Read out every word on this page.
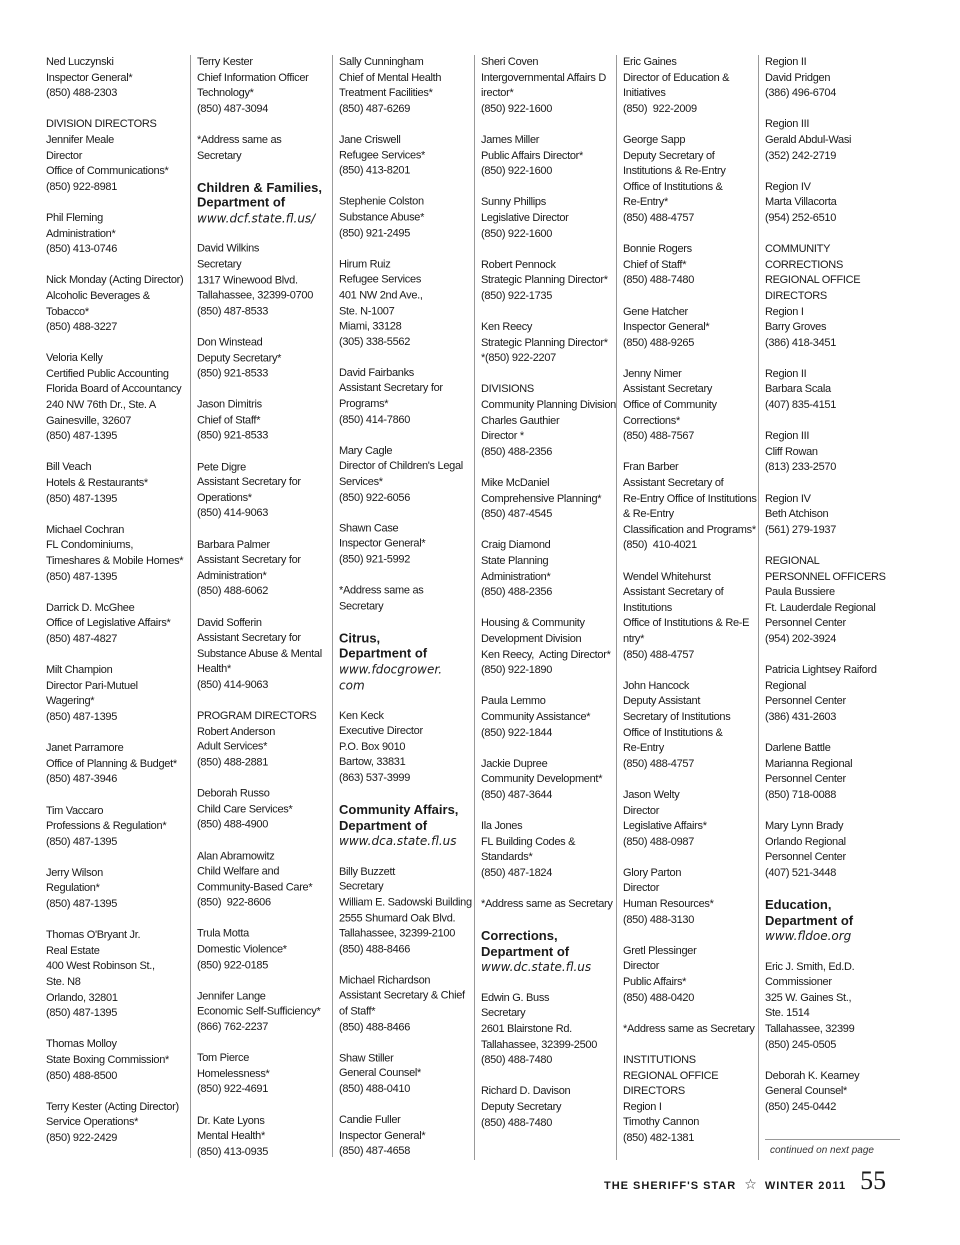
Ned Luczynski
Inspector General*
(850) 488-2303
DIVISION DIRECTORS
Jennifer Meale
Director
Office of Communications*
(850) 922-8981
Phil Fleming
Administration*
(850) 413-0746
Nick Monday (Acting Director)
Alcoholic Beverages &
Tobacco*
(850) 488-3227
Veloria Kelly
Certified Public Accounting
Florida Board of Accountancy
240 NW 76th Dr., Ste. A
Gainesville, 32607
(850) 487-1395
Bill Veach
Hotels & Restaurants*
(850) 487-1395
Michael Cochran
FL Condominiums,
Timeshares & Mobile Homes*
(850) 487-1395
Darrick D. McGhee
Office of Legislative Affairs*
(850) 487-4827
Milt Champion
Director Pari-Mutuel
Wagering*
(850) 487-1395
Janet Parramore
Office of Planning & Budget*
(850) 487-3946
Tim Vaccaro
Professions & Regulation*
(850) 487-1395
Jerry Wilson
Regulation*
(850) 487-1395
Thomas O'Bryant Jr.
Real Estate
400 West Robinson St.,
Ste. N8
Orlando, 32801
(850) 487-1395
Thomas Molloy
State Boxing Commission*
(850) 488-8500
Terry Kester (Acting Director)
Service Operations*
(850) 922-2429
Terry Kester
Chief Information Officer
Technology*
(850) 487-3094
*Address same as
Secretary
Children & Families,
Department of
www.dcf.state.fl.us/
David Wilkins
Secretary
1317 Winewood Blvd.
Tallahassee, 32399-0700
(850) 487-8533
Don Winstead
Deputy Secretary*
(850) 921-8533
Jason Dimitris
Chief of Staff*
(850) 921-8533
Pete Digre
Assistant Secretary for
Operations*
(850) 414-9063
Barbara Palmer
Assistant Secretary for
Administration*
(850) 488-6062
David Sofferin
Assistant Secretary for
Substance Abuse & Mental
Health*
(850) 414-9063
PROGRAM DIRECTORS
Robert Anderson
Adult Services*
(850) 488-2881
Deborah Russo
Child Care Services*
(850) 488-4900
Alan Abramowitz
Child Welfare and
Community-Based Care*
(850)  922-8606
Trula Motta
Domestic Violence*
(850) 922-0185
Jennifer Lange
Economic Self-Sufficiency*
(866) 762-2237
Tom Pierce
Homelessness*
(850) 922-4691
Dr. Kate Lyons
Mental Health*
(850) 413-0935
Sally Cunningham
Chief of Mental Health
Treatment Facilities*
(850) 487-6269
Jane Criswell
Refugee Services*
(850) 413-8201
Stephenie Colston
Substance Abuse*
(850) 921-2495
Hirum Ruiz
Refugee Services
401 NW 2nd Ave.,
Ste. N-1007
Miami, 33128
(305) 338-5562
David Fairbanks
Assistant Secretary for
Programs*
(850) 414-7860
Mary Cagle
Director of Children's Legal
Services*
(850) 922-6056
Shawn Case
Inspector General*
(850) 921-5992
*Address same as
Secretary
Citrus,
Department of
www.fdocgrower.
com
Ken Keck
Executive Director
P.O. Box 9010
Bartow, 33831
(863) 537-3999
Community Affairs,
Department of
www.dca.state.fl.us
Billy Buzzett
Secretary
William E. Sadowski Building
2555 Shumard Oak Blvd.
Tallahassee, 32399-2100
(850) 488-8466
Michael Richardson
Assistant Secretary & Chief
of Staff*
(850) 488-8466
Shaw Stiller
General Counsel*
(850) 488-0410
Candie Fuller
Inspector General*
(850) 487-4658
Sheri Coven
Intergovernmental Affairs D
irector*
(850) 922-1600
James Miller
Public Affairs Director*
(850) 922-1600
Sunny Phillips
Legislative Director
(850) 922-1600
Robert Pennock
Strategic Planning Director*
(850) 922-1735
Ken Reecy
Strategic Planning Director*
*(850) 922-2207
DIVISIONS
Community Planning Division
Charles Gauthier
Director *
(850) 488-2356
Mike McDaniel
Comprehensive Planning*
(850) 487-4545
Craig Diamond
State Planning
Administration*
(850) 488-2356
Housing & Community
Development Division
Ken Reecy,  Acting Director*
(850) 922-1890
Paula Lemmo
Community Assistance*
(850) 922-1844
Jackie Dupree
Community Development*
(850) 487-3644
Ila Jones
FL Building Codes &
Standards*
(850) 487-1824
*Address same as Secretary
Corrections,
Department of
www.dc.state.fl.us
Edwin G. Buss
Secretary
2601 Blairstone Rd.
Tallahassee, 32399-2500
(850) 488-7480
Richard D. Davison
Deputy Secretary
(850) 488-7480
Eric Gaines
Director of Education &
Initiatives
(850)  922-2009
George Sapp
Deputy Secretary of
Institutions & Re-Entry
Office of Institutions &
Re-Entry*
(850) 488-4757
Bonnie Rogers
Chief of Staff*
(850) 488-7480
Gene Hatcher
Inspector General*
(850) 488-9265
Jenny Nimer
Assistant Secretary
Office of Community
Corrections*
(850) 488-7567
Fran Barber
Assistant Secretary of
Re-Entry Office of Institutions
& Re-Entry
Classification and Programs*
(850)  410-4021
Wendel Whitehurst
Assistant Secretary of
Institutions
Office of Institutions & Re-E
ntry*
(850) 488-4757
John Hancock
Deputy Assistant
Secretary of Institutions
Office of Institutions &
Re-Entry
(850) 488-4757
Jason Welty
Director
Legislative Affairs*
(850) 488-0987
Glory Parton
Director
Human Resources*
(850) 488-3130
Gretl Plessinger
Director
Public Affairs*
(850) 488-0420
*Address same as Secretary
INSTITUTIONS
REGIONAL OFFICE
DIRECTORS
Region I
Timothy Cannon
(850) 482-1381
Region II
David Pridgen
(386) 496-6704
Region III
Gerald Abdul-Wasi
(352) 242-2719
Region IV
Marta Villacorta
(954) 252-6510
COMMUNITY
CORRECTIONS
REGIONAL OFFICE
DIRECTORS
Region I
Barry Groves
(386) 418-3451
Region II
Barbara Scala
(407) 835-4151
Region III
Cliff Rowan
(813) 233-2570
Region IV
Beth Atchison
(561) 279-1937
REGIONAL
PERSONNEL OFFICERS
Paula Bussiere
Ft. Lauderdale Regional
Personnel Center
(954) 202-3924
Patricia Lightsey Raiford
Regional
Personnel Center
(386) 431-2603
Darlene Battle
Marianna Regional
Personnel Center
(850) 718-0088
Mary Lynn Brady
Orlando Regional
Personnel Center
(407) 521-3448
Education,
Department of
www.fldoe.org
Eric J. Smith, Ed.D.
Commissioner
325 W. Gaines St.,
Ste. 1514
Tallahassee, 32399
(850) 245-0505
Deborah K. Kearney
General Counsel*
(850) 245-0442
continued on next page
THE SHERIFF'S STAR ☆ WINTER 2011 55
